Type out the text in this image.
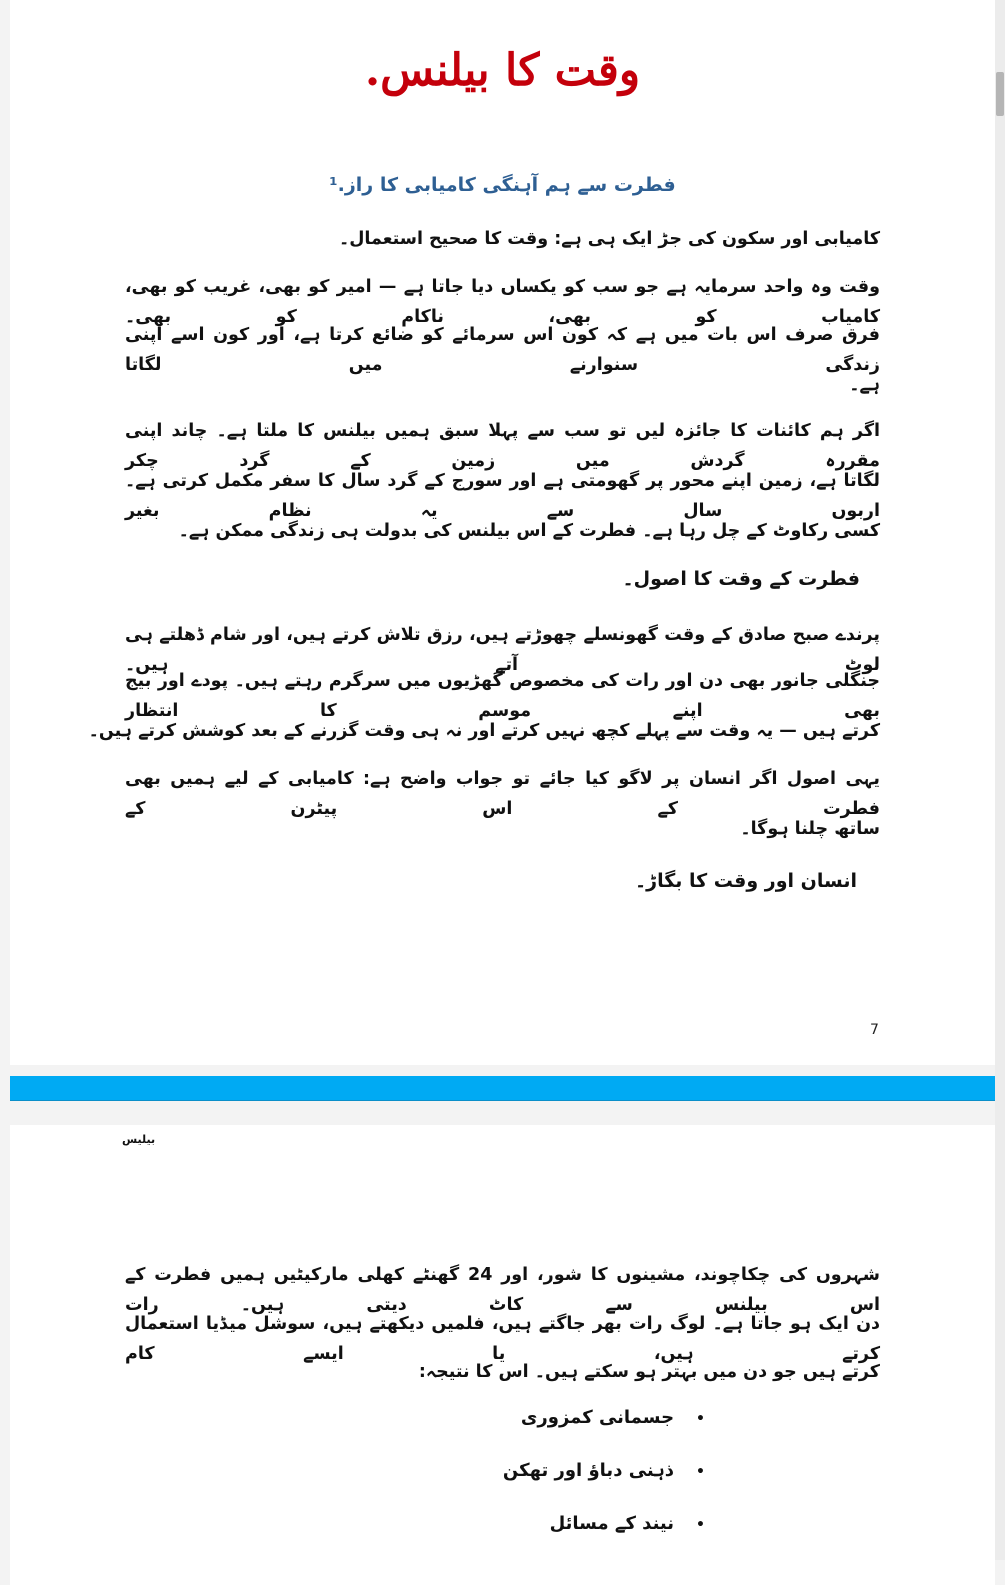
وقت کا بیلنس.
فطرت سے ہم آہنگی کامیابی کا راز.¹
کامیابی اور سکون کی جڑ ایک ہی ہے: وقت کا صحیح استعمال۔
وقت وہ واحد سرمایہ ہے جو سب کو یکساں دیا جاتا ہے — امیر کو بھی، غریب کو بھی، کامیاب کو بھی، ناکام کو بھی۔
فرق صرف اس بات میں ہے کہ کون اس سرمائے کو ضائع کرتا ہے، اور کون اسے اپنی زندگی سنوارنے میں لگاتا
ہے۔
اگر ہم کائنات کا جائزہ لیں تو سب سے پہلا سبق ہمیں بیلنس کا ملتا ہے۔ چاند اپنی مقررہ گردش میں زمین کے گرد چکر
لگاتا ہے، زمین اپنے محور پر گھومتی ہے اور سورج کے گرد سال کا سفر مکمل کرتی ہے۔ اربوں سال سے یہ نظام بغیر
کسی رکاوٹ کے چل رہا ہے۔ فطرت کے اس بیلنس کی بدولت ہی زندگی ممکن ہے۔
فطرت کے وقت کا اصول۔
پرندے صبح صادق کے وقت گھونسلے چھوڑتے ہیں، رزق تلاش کرتے ہیں، اور شام ڈھلتے ہی لوٹ آتے ہیں۔
جنگلی جانور بھی دن اور رات کی مخصوص گھڑیوں میں سرگرم رہتے ہیں۔ پودے اور بیج بھی اپنے موسم کا انتظار
کرتے ہیں — یہ وقت سے پہلے کچھ نہیں کرتے اور نہ ہی وقت گزرنے کے بعد کوشش کرتے ہیں۔
یہی اصول اگر انسان پر لاگو کیا جائے تو جواب واضح ہے: کامیابی کے لیے ہمیں بھی فطرت کے اس پیٹرن کے
ساتھ چلنا ہوگا۔
انسان اور وقت کا بگاڑ۔
7
بیلیس
شہروں کی چکاچوند، مشینوں کا شور، اور 24 گھنٹے کھلی مارکیٹیں ہمیں فطرت کے اس بیلنس سے کاٹ دیتی ہیں۔ رات
دن ایک ہو جاتا ہے۔ لوگ رات بھر جاگتے ہیں، فلمیں دیکھتے ہیں، سوشل میڈیا استعمال کرتے ہیں، یا ایسے کام
کرتے ہیں جو دن میں بہتر ہو سکتے ہیں۔ اس کا نتیجہ:
• جسمانی کمزوری
• ذہنی دباؤ اور تھکن
• نیند کے مسائل
